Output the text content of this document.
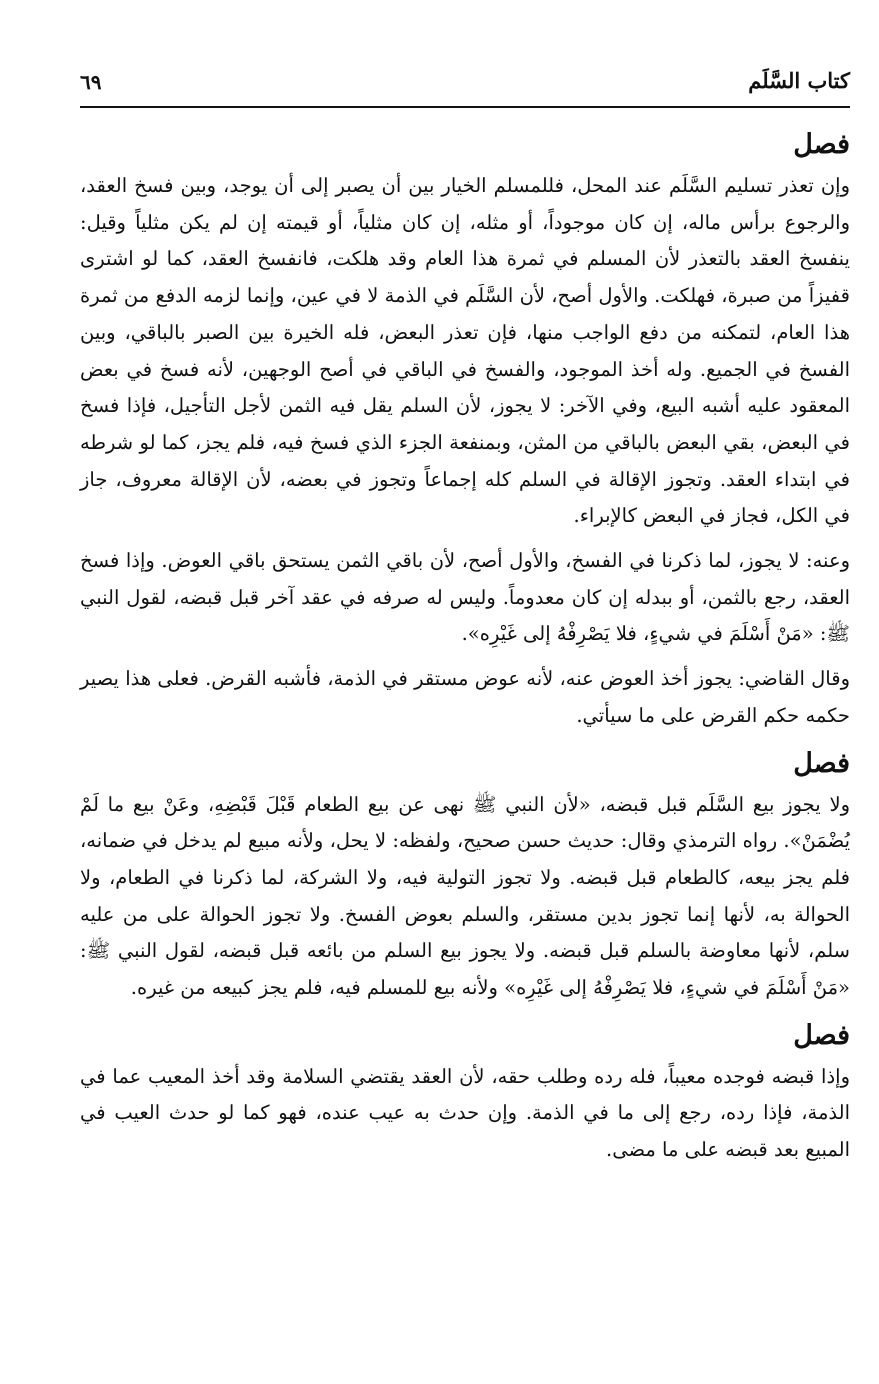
كتاب السَّلَم
٦٩
فصل

وإن تعذر تسليم السَّلَم عند المحل، فللمسلم الخيار بين أن يصبر إلى أن يوجد، وبين فسخ العقد، والرجوع برأس ماله، إن كان موجوداً، أو مثله، إن كان مثلياً، أو قيمته إن لم يكن مثلياً وقيل: ينفسخ العقد بالتعذر لأن المسلم في ثمرة هذا العام وقد هلكت، فانفسخ العقد، كما لو اشترى قفيزاً من صبرة، فهلكت. والأول أصح، لأن السَّلَم في الذمة لا في عين، وإنما لزمه الدفع من ثمرة هذا العام، لتمكنه من دفع الواجب منها، فإن تعذر البعض، فله الخيرة بين الصبر بالباقي، وبين الفسخ في الجميع. وله أخذ الموجود، والفسخ في الباقي في أصح الوجهين، لأنه فسخ في بعض المعقود عليه أشبه البيع، وفي الآخر: لا يجوز، لأن السلم يقل فيه الثمن لأجل التأجيل، فإذا فسخ في البعض، بقي البعض بالباقي من المثن، وبمنفعة الجزء الذي فسخ فيه، فلم يجز، كما لو شرطه في ابتداء العقد. وتجوز الإقالة في السلم كله إجماعاً وتجوز في بعضه، لأن الإقالة معروف، جاز في الكل، فجاز في البعض كالإبراء.

وعنه: لا يجوز، لما ذكرنا في الفسخ، والأول أصح، لأن باقي الثمن يستحق باقي العوض. وإذا فسخ العقد، رجع بالثمن، أو ببدله إن كان معدوماً. وليس له صرفه في عقد آخر قبل قبضه، لقول النبي ﷺ: «مَنْ أَسْلَمَ في شيءٍ، فلا يَصْرِفْهُ إلى غَيْرِه».

وقال القاضي: يجوز أخذ العوض عنه، لأنه عوض مستقر في الذمة، فأشبه القرض. فعلى هذا يصير حكمه حكم القرض على ما سيأتي.

فصل

ولا يجوز بيع السَّلَم قبل قبضه، «لأن النبي ﷺ نهى عن بيع الطعام قَبْلَ قَبْضِهِ، وعَنْ بيع ما لَمْ يُضْمَنْ». رواه الترمذي وقال: حديث حسن صحيح، ولفظه: لا يحل، ولأنه مبيع لم يدخل في ضمانه، فلم يجز بيعه، كالطعام قبل قبضه. ولا تجوز التولية فيه، ولا الشركة، لما ذكرنا في الطعام، ولا الحوالة به، لأنها إنما تجوز بدين مستقر، والسلم بعوض الفسخ. ولا تجوز الحوالة على من عليه سلم، لأنها معاوضة بالسلم قبل قبضه. ولا يجوز بيع السلم من بائعه قبل قبضه، لقول النبي ﷺ: «مَنْ أَسْلَمَ في شيءٍ، فلا يَصْرِفْهُ إلى غَيْرِه» ولأنه بيع للمسلم فيه، فلم يجز كبيعه من غيره.

فصل

وإذا قبضه فوجده معيباً، فله رده وطلب حقه، لأن العقد يقتضي السلامة وقد أخذ المعيب عما في الذمة، فإذا رده، رجع إلى ما في الذمة. وإن حدث به عيب عنده، فهو كما لو حدث العيب في المبيع بعد قبضه على ما مضى.
